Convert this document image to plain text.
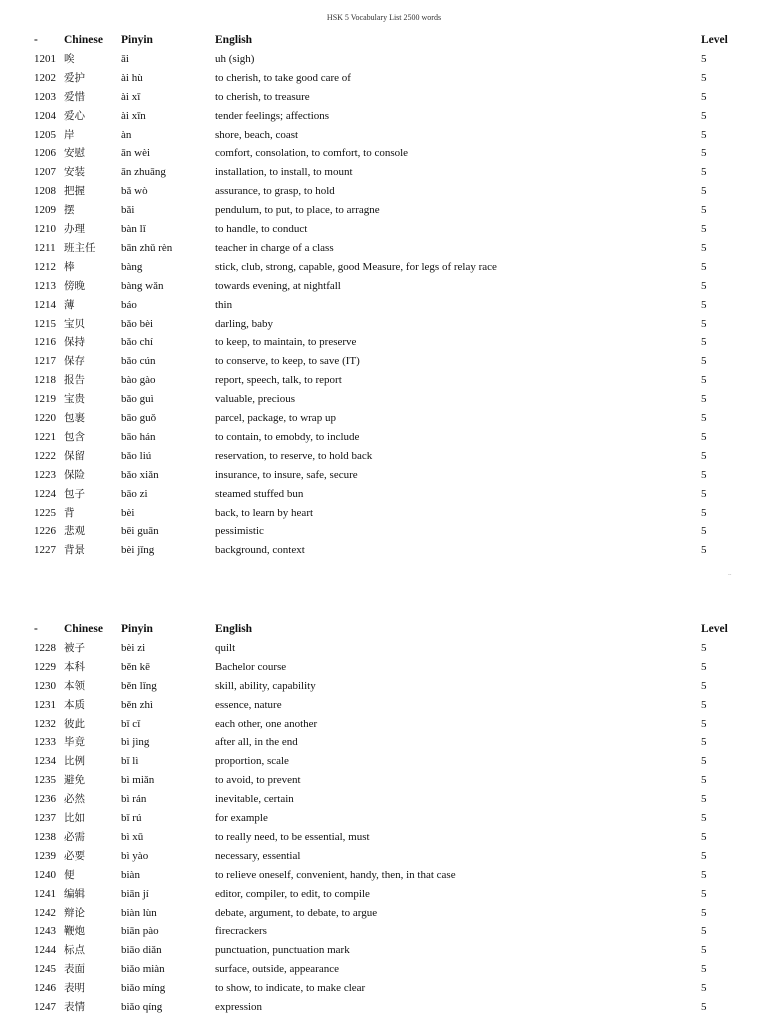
HSK 5 Vocabulary List 2500 words
- Chinese Pinyin	English	Level
1201 唉	āi	uh (sigh)	5
1202 爱护	ài hù	to cherish, to take good care of	5
1203 爱惜	ài xī	to cherish, to treasure	5
1204 爱心	ài xīn	tender feelings; affections	5
1205 岸	àn	shore, beach, coast	5
1206 安慰	ān wèi	comfort, consolation, to comfort, to console	5
1207 安装	ān zhuāng	installation, to install, to mount	5
1208 把握	bǎ wò	assurance, to grasp, to hold	5
1209 摆	bǎi	pendulum, to put, to place, to arragne	5
1210 办理	bàn lǐ	to handle, to conduct	5
1211 班主任 bān zhǔ rèn	teacher in charge of a class	5
1212 棒	bàng	stick, club, strong, capable, good Measure, for legs of relay race	5
1213 傍晚	bàng wǎn	towards evening, at nightfall	5
1214 薄	báo	thin	5
1215 宝贝	bǎo bèi	darling, baby	5
1216 保持	bǎo chí	to keep, to maintain, to preserve	5
1217 保存	bǎo cún	to conserve, to keep, to save (IT)	5
1218 报告	bào gào	report, speech, talk, to report	5
1219 宝贵	bǎo guì	valuable, precious	5
1220 包裹	bāo guǒ	parcel, package, to wrap up	5
1221 包含	bāo hán	to contain, to emobdy, to include	5
1222 保留	bǎo liú	reservation, to reserve, to hold back	5
1223 保险	bǎo xiǎn	insurance, to insure, safe, secure	5
1224 包子	bāo zi	steamed stuffed bun	5
1225 背	bèi	back, to learn by heart	5
1226 悲观	bēi guān	pessimistic	5
1227 背景	bèi jǐng	background, context	5
--
- Chinese Pinyin	English	Level
1228 被子	bèi zi	quilt	5
1229 本科	běn kē	Bachelor course	5
1230 本领	běn lǐng	skill, ability, capability	5
1231 本质	běn zhì	essence, nature	5
1232 彼此	bǐ cǐ	each other, one another	5
1233 毕竟	bì jìng	after all, in the end	5
1234 比例	bǐ lì	proportion, scale	5
1235 避免	bì miǎn	to avoid, to prevent	5
1236 必然	bì rán	inevitable, certain	5
1237 比如	bǐ rú	for example	5
1238 必需	bì xū	to really need, to be essential, must	5
1239 必要	bì yào	necessary, essential	5
1240 便	biàn	to relieve oneself, convenient, handy, then, in that case	5
1241 编辑	biān jí	editor, compiler, to edit, to compile	5
1242 辩论	biàn lùn	debate, argument, to debate, to argue	5
1243 鞭炮	biān pào	firecrackers	5
1244 标点	biāo diǎn	punctuation, punctuation mark	5
1245 表面	biǎo miàn	surface, outside, appearance	5
1246 表明	biǎo míng	to show, to indicate, to make clear	5
1247 表情	biǎo qíng	expression	5
